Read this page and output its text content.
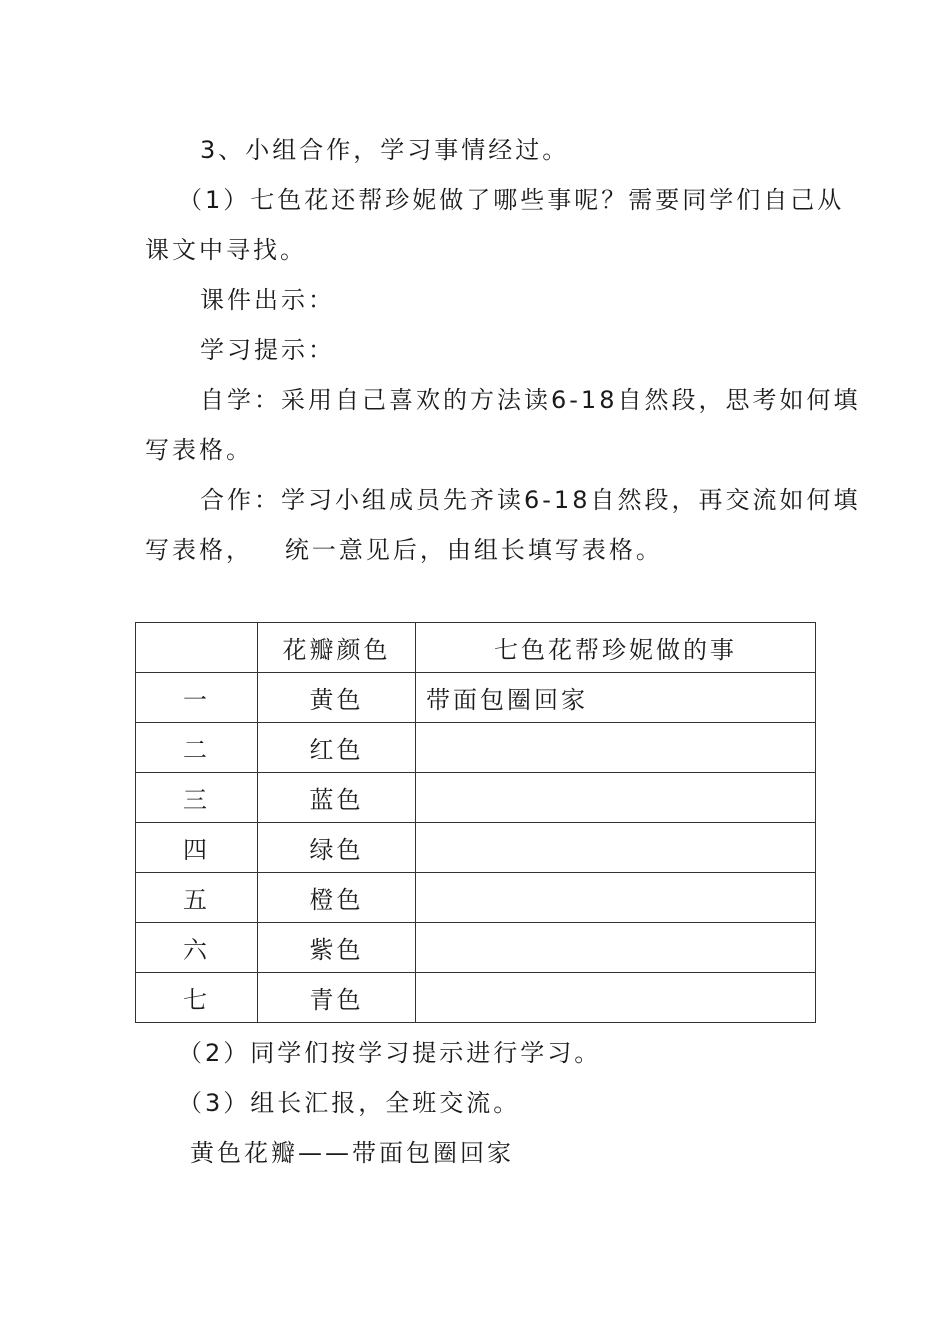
3、小组合作，学习事情经过。
（1）七色花还帮珍妮做了哪些事呢？需要同学们自己从
课文中寻找。
课件出示：
学习提示：
自学：采用自己喜欢的方法读6-18自然段，思考如何填
写表格。
合作：学习小组成员先齐读6-18自然段，再交流如何填
写表格，   统一意见后，由组长填写表格。
	花瓣颜色	七色花帮珍妮做的事
一	黄色	带面包圈回家
二	红色	
三	蓝色	
四	绿色	
五	橙色	
六	紫色	
七	青色	
（2）同学们按学习提示进行学习。
（3）组长汇报，全班交流。
黄色花瓣——带面包圈回家
